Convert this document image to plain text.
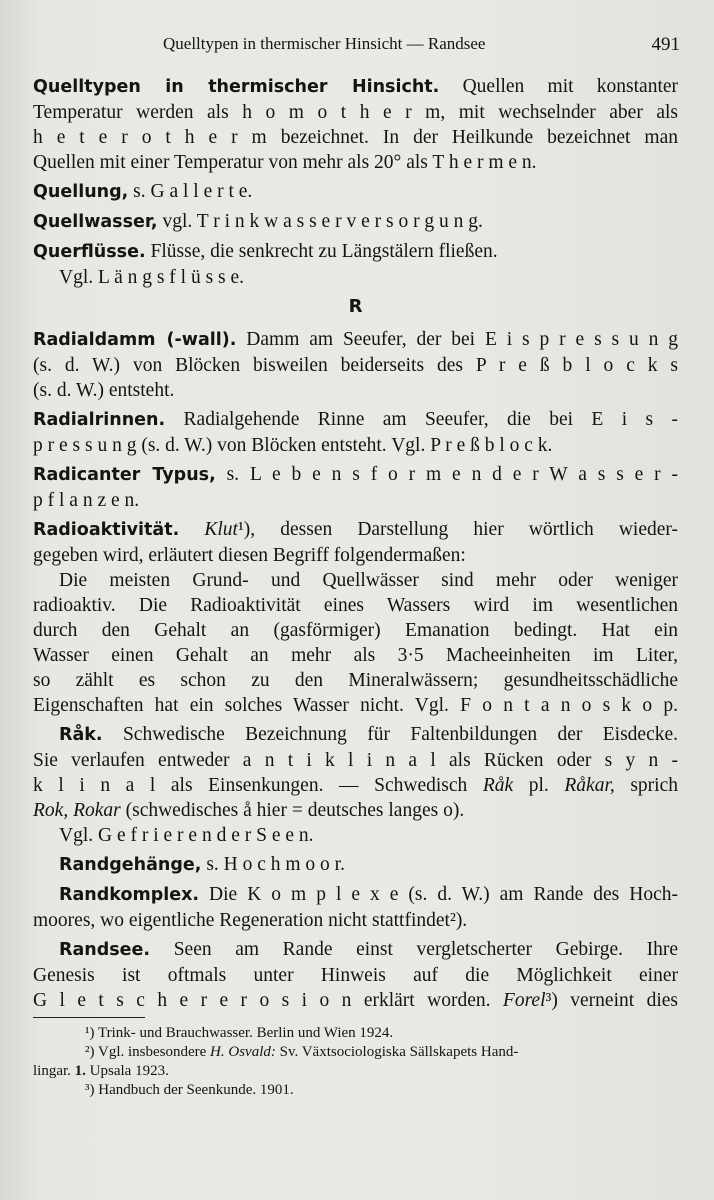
Quelltypen in thermischer Hinsicht — Randsee	491
Quelltypen in thermischer Hinsicht. Quellen mit konstanter
Temperatur werden als h o m o t h e r m, mit wechselnder aber als
h e t e r o t h e r m bezeichnet. In der Heilkunde bezeichnet man
Quellen mit einer Temperatur von mehr als 20° als T h e r m e n.
Quellung, s. G a l l e r t e.
Quellwasser, vgl. T r i n k w a s s e r v e r s o r g u n g.
Querflüsse. Flüsse, die senkrecht zu Längstälern fließen.
Vgl. L ä n g s f l ü s s e.
R
Radialdamm (-wall). Damm am Seeufer, der bei E i s p r e s s u n g
(s. d. W.) von Blöcken bisweilen beiderseits des P r e ß b l o c k s
(s. d. W.) entsteht.
Radialrinnen. Radialgehende Rinne am Seeufer, die bei E i s -
p r e s s u n g (s. d. W.) von Blöcken entsteht. Vgl. P r e ß b l o c k.
Radicanter Typus, s. L e b e n s f o r m e n d e r W a s s e r -
p f l a n z e n.
Radioaktivität. Klut¹), dessen Darstellung hier wörtlich wieder-
gegeben wird, erläutert diesen Begriff folgendermaßen:
Die meisten Grund- und Quellwässer sind mehr oder weniger
radioaktiv. Die Radioaktivität eines Wassers wird im wesentlichen
durch den Gehalt an (gasförmiger) Emanation bedingt. Hat ein
Wasser einen Gehalt an mehr als 3·5 Macheeinheiten im Liter,
so zählt es schon zu den Mineralwässern; gesundheitsschädliche
Eigenschaften hat ein solches Wasser nicht. Vgl. F o n t a n o s k o p.
Råk. Schwedische Bezeichnung für Faltenbildungen der Eisdecke.
Sie verlaufen entweder a n t i k l i n a l als Rücken oder s y n -
k l i n a l als Einsenkungen. — Schwedisch Råk pl. Råkar, sprich
Rok, Rokar (schwedisches å hier = deutsches langes o).
Vgl. G e f r i e r e n d e r S e e n.
Randgehänge, s. H o c h m o o r.
Randkomplex. Die K o m p l e x e (s. d. W.) am Rande des Hoch-
moores, wo eigentliche Regeneration nicht stattfindet²).
Randsee. Seen am Rande einst vergletscherter Gebirge. Ihre
Genesis ist oftmals unter Hinweis auf die Möglichkeit einer
G l e t s c h e r e r o s i o n erklärt worden. Forel³) verneint dies
¹) Trink- und Brauchwasser. Berlin und Wien 1924.
²) Vgl. insbesondere H. Osvald: Sv. Växtsociologiska Sällskapets Hand-
lingar. 1. Upsala 1923.
³) Handbuch der Seenkunde. 1901.
